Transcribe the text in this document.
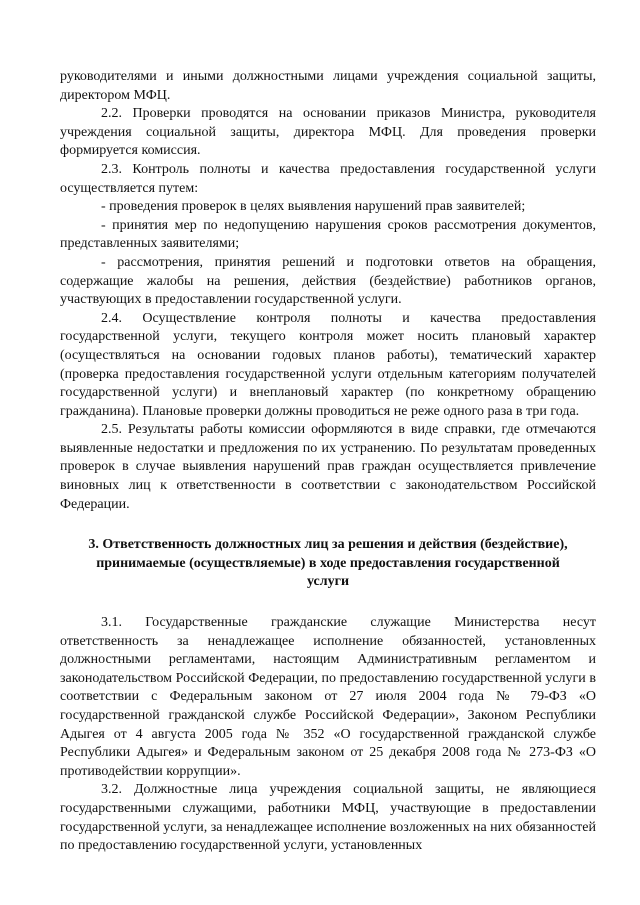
руководителями и иными должностными лицами учреждения социальной защиты, директором МФЦ.

2.2. Проверки проводятся на основании приказов Министра, руководителя учреждения социальной защиты, директора МФЦ. Для проведения проверки формируется комиссия.

2.3. Контроль полноты и качества предоставления государственной услуги осуществляется путем:

- проведения проверок в целях выявления нарушений прав заявителей;

- принятия мер по недопущению нарушения сроков рассмотрения документов, представленных заявителями;

- рассмотрения, принятия решений и подготовки ответов на обращения, содержащие жалобы на решения, действия (бездействие) работников органов, участвующих в предоставлении государственной услуги.

2.4. Осуществление контроля полноты и качества предоставления государственной услуги, текущего контроля может носить плановый характер (осуществляться на основании годовых планов работы), тематический характер (проверка предоставления государственной услуги отдельным категориям получателей государственной услуги) и внеплановый характер (по конкретному обращению гражданина). Плановые проверки должны проводиться не реже одного раза в три года.

2.5. Результаты работы комиссии оформляются в виде справки, где отмечаются выявленные недостатки и предложения по их устранению. По результатам проведенных проверок в случае выявления нарушений прав граждан осуществляется привлечение виновных лиц к ответственности в соответствии с законодательством Российской Федерации.

3. Ответственность должностных лиц за решения и действия (бездействие),
принимаемые (осуществляемые) в ходе предоставления государственной
услуги

3.1. Государственные гражданские служащие Министерства несут ответственность за ненадлежащее исполнение обязанностей, установленных должностными регламентами, настоящим Административным регламентом и законодательством Российской Федерации, по предоставлению государственной услуги в соответствии с Федеральным законом от 27 июля 2004 года № 79-ФЗ «О государственной гражданской службе Российской Федерации», Законом Республики Адыгея от 4 августа 2005 года № 352 «О государственной гражданской службе Республики Адыгея» и Федеральным законом от 25 декабря 2008 года № 273-ФЗ «О противодействии коррупции».

3.2. Должностные лица учреждения социальной защиты, не являющиеся государственными служащими, работники МФЦ, участвующие в предоставлении государственной услуги, за ненадлежащее исполнение возложенных на них обязанностей по предоставлению государственной услуги, установленных
